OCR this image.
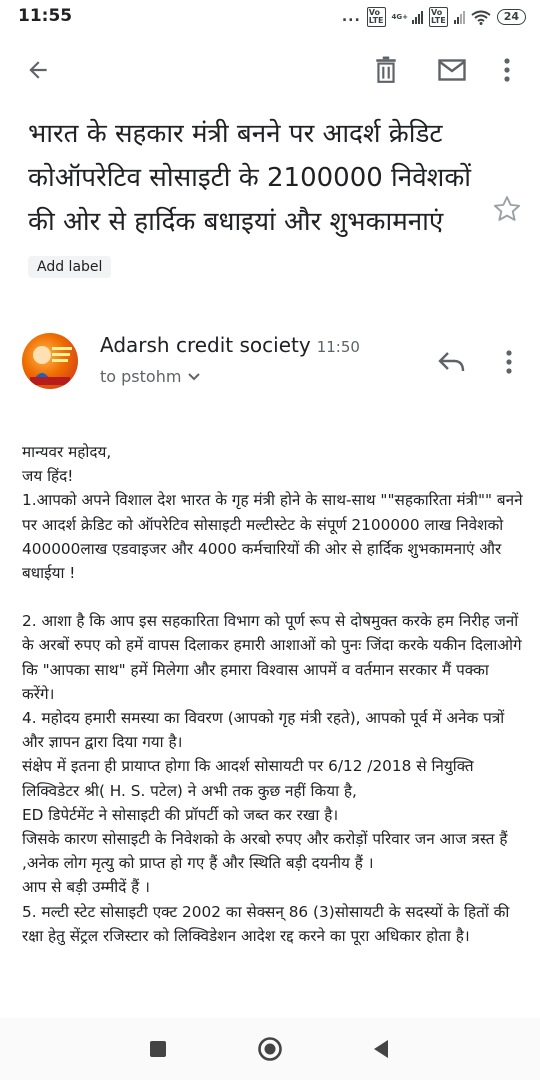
11:55	... Vo
LTE 4G+	Vo
LTE	24
भारत के सहकार मंत्री बनने पर आदर्श क्रेडिट कोऑपरेटिव सोसाइटी के 2100000 निवेशकों की ओर से हार्दिक बधाइयां और शुभकामनाएं Add label
Adarsh credit society 11:50
to pstohm

मान्यवर महोदय,
जय हिंद!
1.आपको अपने विशाल देश भारत के गृह मंत्री होने के साथ-साथ ""सहकारिता मंत्री"" बनने पर आदर्श क्रेडिट को ऑपरेटिव सोसाइटी मल्टीस्टेट के संपूर्ण 2100000 लाख निवेशको 400000लाख एडवाइजर और 4000 कर्मचारियों की ओर से हार्दिक शुभकामनाएं और बधाईया !

2. आशा है कि आप इस सहकारिता विभाग को पूर्ण रूप से दोषमुक्त करके हम निरीह जनों के अरबों रुपए को हमें वापस दिलाकर हमारी आशाओं को पुनः जिंदा करके यकीन दिलाओगे कि "आपका साथ" हमें मिलेगा और हमारा विश्वास आपमें व वर्तमान सरकार मैं पक्का करेंगे।
4. महोदय हमारी समस्या का विवरण (आपको गृह मंत्री रहते), आपको पूर्व में अनेक पत्रों और ज्ञापन द्वारा दिया गया है।
संक्षेप में इतना ही प्रायाप्त होगा कि आदर्श सोसायटी पर 6/12 /2018 से नियुक्ति लिक्विडेटर श्री( H. S. पटेल) ने अभी तक कुछ नहीं किया है,
ED डिपेर्टमेंट ने सोसाइटी की प्रॉपर्टी को जब्त कर रखा है।
जिसके कारण सोसाइटी के निवेशको के अरबो रुपए और करोड़ों परिवार जन आज त्रस्त हैं ,अनेक लोग मृत्यु को प्राप्त हो गए हैं और स्थिति बड़ी दयनीय हैं ।
आप से बड़ी उम्मीदें हैं ।
5. मल्टी स्टेट सोसाइटी एक्ट 2002 का सेक्सन् 86 (3)सोसायटी के सदस्यों के हितों की रक्षा हेतु सेंट्रल रजिस्टार को लिक्विडेशन आदेश रद्द करने का पूरा अधिकार होता है।
